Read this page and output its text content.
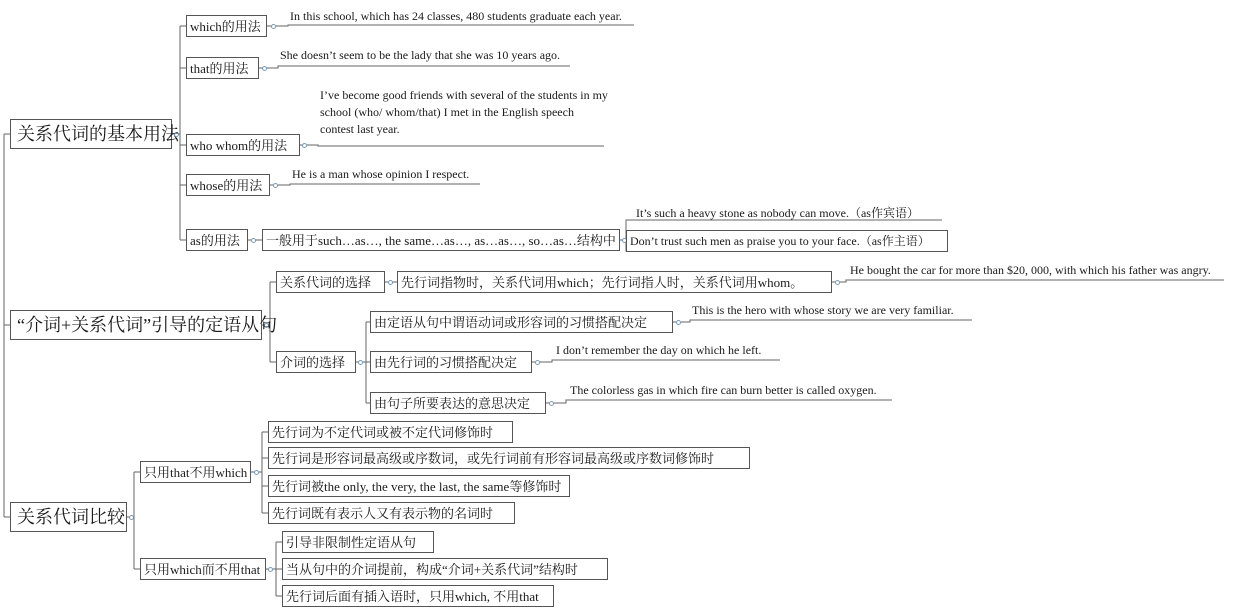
关系代词的基本用法
“介词+关系代词”引导的定语从句
关系代词比较
which的用法
In this school, which has 24 classes, 480 students graduate each year.
that的用法
She doesn’t seem to be the lady that she was 10 years ago.
who whom的用法
I’ve become good friends with several of the students in my school (who/ whom/that) I met in the English speech contest last year.
whose的用法
He is a man whose opinion I respect.
as的用法 一般用于such…as…, the same…as…, as…as…, so…as…结构中
It’s such a heavy stone as nobody can move.（as作宾语）
Don’t trust such men as praise you to your face.（as作主语）
关系代词的选择 先行词指物时，关系代词用which；先行词指人时，关系代词用whom。
He bought the car for more than $20, 000, with which his father was angry.
介词的选择
由定语从句中谓语动词或形容词的习惯搭配决定
This is the hero with whose story we are very familiar.
由先行词的习惯搭配决定
I don’t remember the day on which he left.
由句子所要表达的意思决定
The colorless gas in which fire can burn better is called oxygen.
只用that不用which
先行词为不定代词或被不定代词修饰时
先行词是形容词最高级或序数词，或先行词前有形容词最高级或序数词修饰时
先行词被the only, the very, the last, the same等修饰时
先行词既有表示人又有表示物的名词时
只用which而不用that
引导非限制性定语从句
当从句中的介词提前，构成“介词+关系代词”结构时
先行词后面有插入语时，只用which, 不用that
